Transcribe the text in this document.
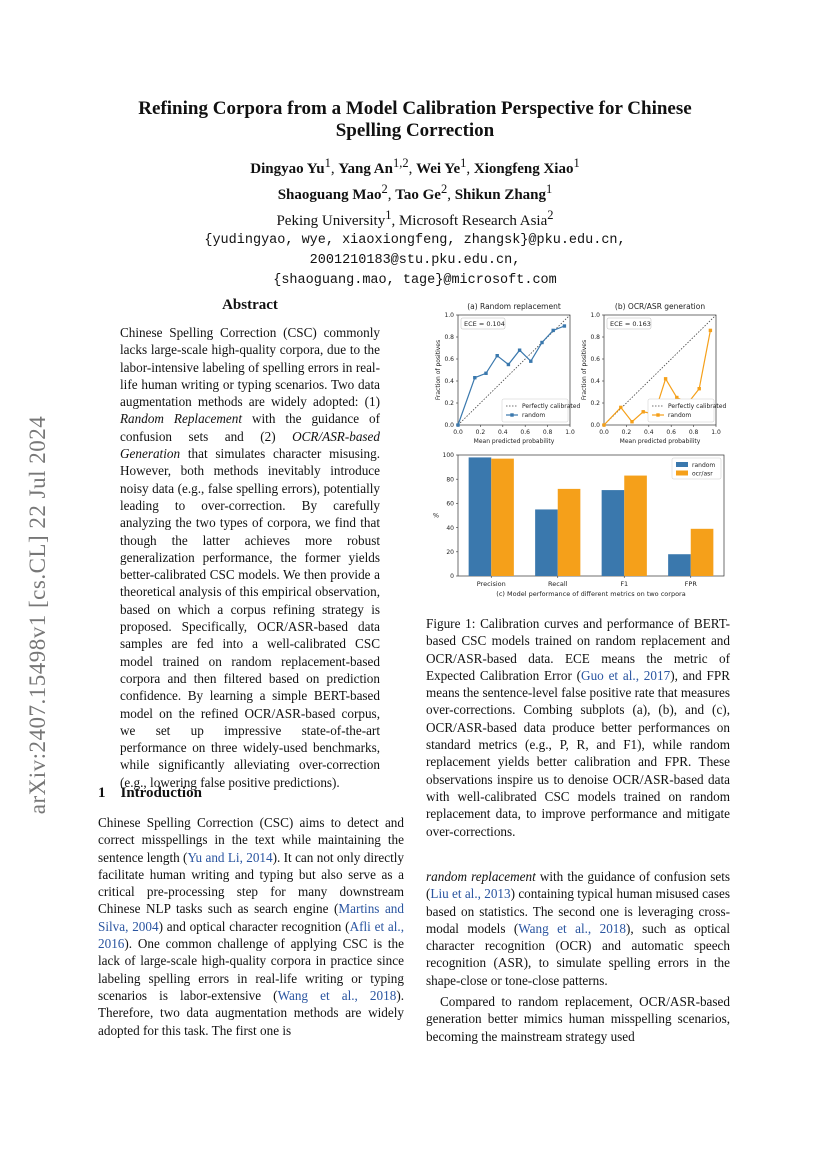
arXiv:2407.15498v1 [cs.CL] 22 Jul 2024
Refining Corpora from a Model Calibration Perspective for Chinese
Spelling Correction
Dingyao Yu$^1$, Yang An$^{1,2}$, Wei Ye$^1$, Xiongfeng Xiao$^1$
Shaoguang Mao$^2$, Tao Ge$^2$, Shikun Zhang$^1$
Peking University$^1$, Microsoft Research Asia$^2$
{yudingyao, wye, xiaoxiongfeng, zhangsk}@pku.edu.cn,
2001210183@stu.pku.edu.cn,
{shaoguang.mao, tage}@microsoft.com
Abstract

Chinese Spelling Correction (CSC) commonly lacks large-scale high-quality corpora, due to the labor-intensive labeling of spelling errors in real-life human writing or typing scenarios. Two data augmentation methods are widely adopted: (1) Random Replacement with the guidance of confusion sets and (2) OCR/ASR-based Generation that simulates character misusing. However, both methods inevitably introduce noisy data (e.g., false spelling errors), potentially leading to over-correction. By carefully analyzing the two types of corpora, we find that though the latter achieves more robust generalization performance, the former yields better-calibrated CSC models. We then provide a theoretical analysis of this empirical observation, based on which a corpus refining strategy is proposed. Specifically, OCR/ASR-based data samples are fed into a well-calibrated CSC model trained on random replacement-based corpora and then filtered based on prediction confidence. By learning a simple BERT-based model on the refined OCR/ASR-based corpus, we set up impressive state-of-the-art performance on three widely-used benchmarks, while significantly alleviating over-correction (e.g., lowering false positive predictions).

1 Introduction

Chinese Spelling Correction (CSC) aims to detect and correct misspellings in the text while maintaining the sentence length (Yu and Li, 2014). It can not only directly facilitate human writing and typing but also serve as a critical pre-processing step for many downstream Chinese NLP tasks such as search engine (Martins and Silva, 2004) and optical character recognition (Afli et al., 2016). One common challenge of applying CSC is the lack of large-scale high-quality corpora in practice since labeling spelling errors in real-life writing or typing scenarios is labor-extensive (Wang et al., 2018). Therefore, two data augmentation methods are widely adopted for this task. The first one is

(a) Random replacement
0.0
0.2
0.4
0.6
0.8
1.0
0.0 0.2 0.4 0.6 0.8 1.0
Mean predicted probability
Fraction of positives
ECE = 0.104
Perfectly calibrated
random
(b) OCR/ASR generation
0.0
0.2
0.4
0.6
0.8
1.0
0.0 0.2 0.4 0.6 0.8 1.0
Mean predicted probability
Fraction of positives
ECE = 0.163
Perfectly calibrated
random
0
20
40
60
80
100
%
Precision	Recall	F1	FPR
(c) Model performance of different metrics on two corpora
random
ocr/asr

Figure 1: Calibration curves and performance of BERT-based CSC models trained on random replacement and OCR/ASR-based data. ECE means the metric of Expected Calibration Error (Guo et al., 2017), and FPR means the sentence-level false positive rate that measures over-corrections. Combing subplots (a), (b), and (c), OCR/ASR-based data produce better performances on standard metrics (e.g., P, R, and F1), while random replacement yields better calibration and FPR. These observations inspire us to denoise OCR/ASR-based data with well-calibrated CSC models trained on random replacement data, to improve performance and mitigate over-corrections.

random replacement with the guidance of confusion sets (Liu et al., 2013) containing typical human misused cases based on statistics. The second one is leveraging cross-modal models (Wang et al., 2018), such as optical character recognition (OCR) and automatic speech recognition (ASR), to simulate spelling errors in the shape-close or tone-close patterns.

Compared to random replacement, OCR/ASR-based generation better mimics human misspelling scenarios, becoming the mainstream strategy used
